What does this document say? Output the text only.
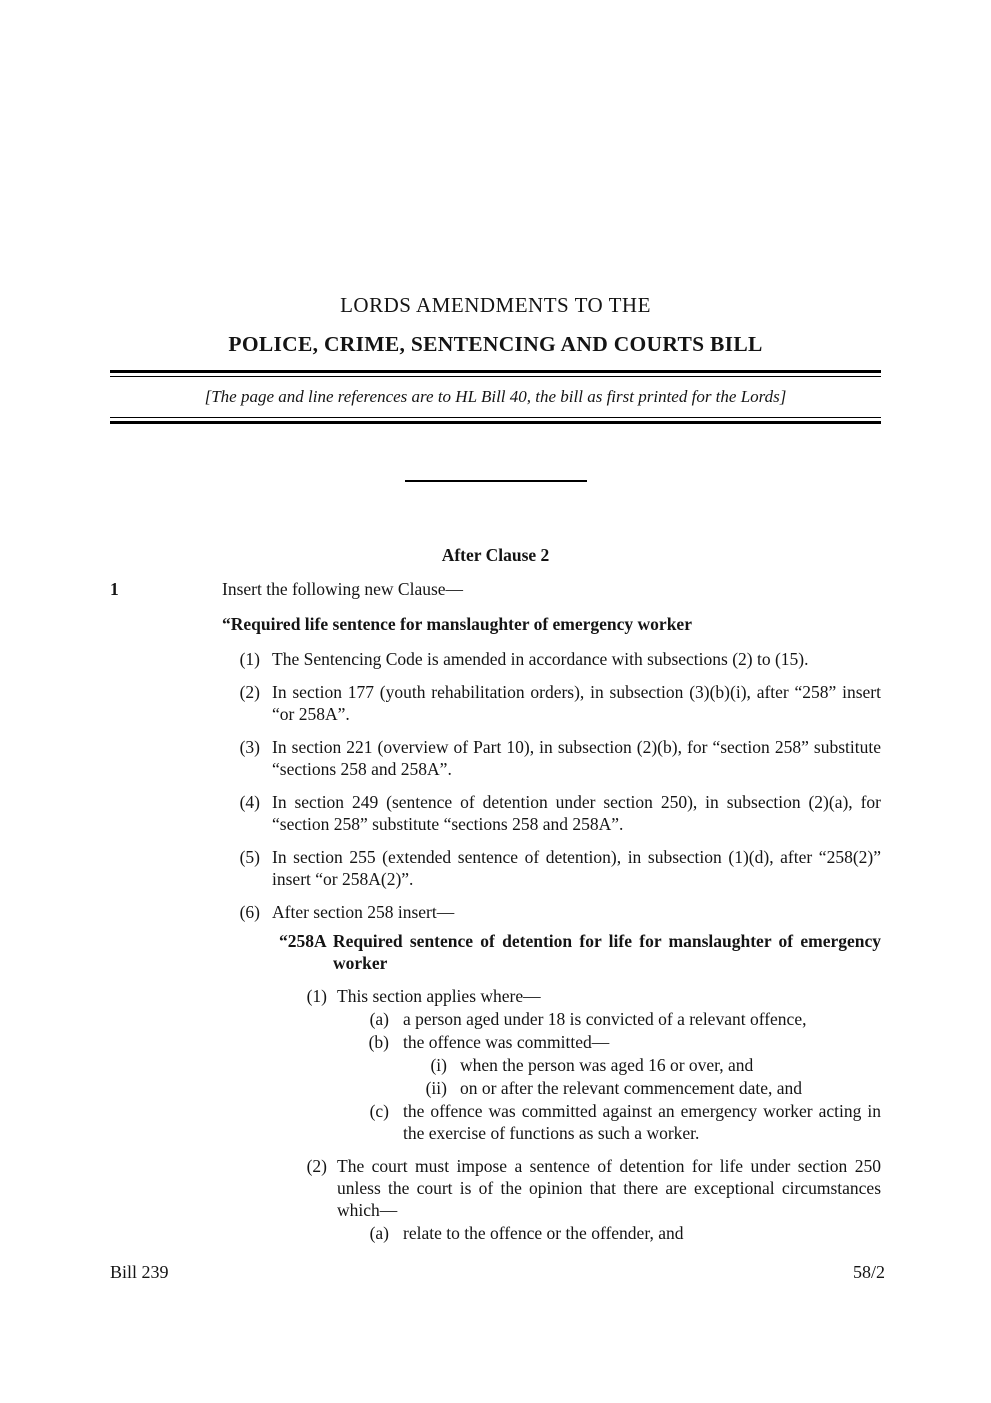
LORDS AMENDMENTS TO THE
POLICE, CRIME, SENTENCING AND COURTS BILL
[The page and line references are to HL Bill 40, the bill as first printed for the Lords]
After Clause 2
1	Insert the following new Clause—
“Required life sentence for manslaughter of emergency worker
(1) The Sentencing Code is amended in accordance with subsections (2) to (15).
(2) In section 177 (youth rehabilitation orders), in subsection (3)(b)(i), after “258” insert “or 258A”.
(3) In section 221 (overview of Part 10), in subsection (2)(b), for “section 258” substitute “sections 258 and 258A”.
(4) In section 249 (sentence of detention under section 250), in subsection (2)(a), for “section 258” substitute “sections 258 and 258A”.
(5) In section 255 (extended sentence of detention), in subsection (1)(d), after “258(2)” insert “or 258A(2)”.
(6) After section 258 insert—
“258A Required sentence of detention for life for manslaughter of emergency worker
(1) This section applies where—
(a) a person aged under 18 is convicted of a relevant offence,
(b) the offence was committed—
(i) when the person was aged 16 or over, and
(ii) on or after the relevant commencement date, and
(c) the offence was committed against an emergency worker acting in the exercise of functions as such a worker.
(2) The court must impose a sentence of detention for life under section 250 unless the court is of the opinion that there are exceptional circumstances which—
(a) relate to the offence or the offender, and
Bill 239	58/2
